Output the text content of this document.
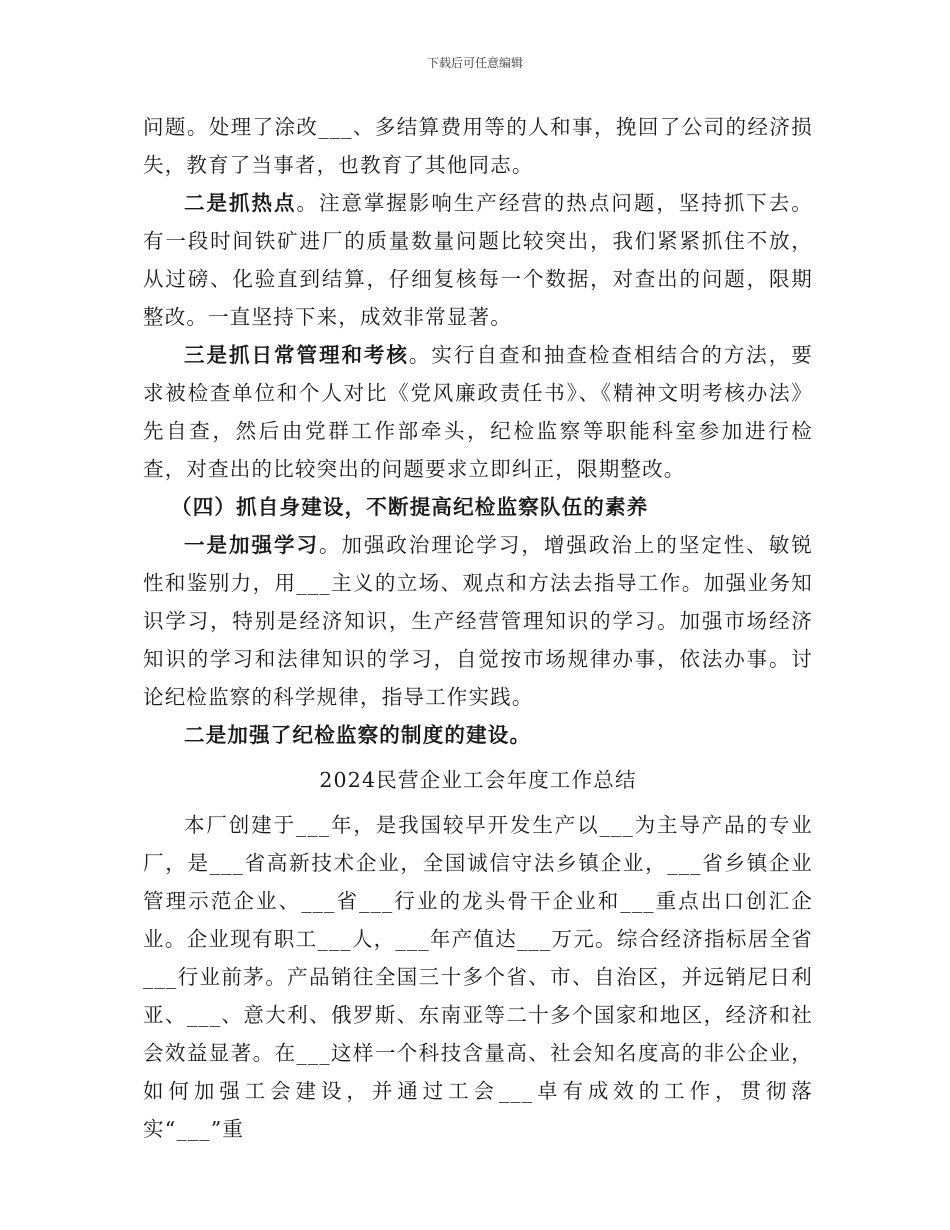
下载后可任意编辑

问题。处理了涂改___、多结算费用等的人和事，挽回了公司的经济损失，教育了当事者，也教育了其他同志。

二是抓热点。注意掌握影响生产经营的热点问题，坚持抓下去。有一段时间铁矿进厂的质量数量问题比较突出，我们紧紧抓住不放，从过磅、化验直到结算，仔细复核每一个数据，对查出的问题，限期整改。一直坚持下来，成效非常显著。

三是抓日常管理和考核。实行自查和抽查检查相结合的方法，要求被检查单位和个人对比《党风廉政责任书》、《精神文明考核办法》先自查，然后由党群工作部牵头，纪检监察等职能科室参加进行检查，对查出的比较突出的问题要求立即纠正，限期整改。

（四）抓自身建设，不断提高纪检监察队伍的素养

一是加强学习。加强政治理论学习，增强政治上的坚定性、敏锐性和鉴别力，用___主义的立场、观点和方法去指导工作。加强业务知识学习，特别是经济知识，生产经营管理知识的学习。加强市场经济知识的学习和法律知识的学习，自觉按市场规律办事，依法办事。讨论纪检监察的科学规律，指导工作实践。

二是加强了纪检监察的制度的建设。

2024民营企业工会年度工作总结

本厂创建于___年，是我国较早开发生产以___为主导产品的专业厂，是___省高新技术企业，全国诚信守法乡镇企业，___省乡镇企业管理示范企业、___省___行业的龙头骨干企业和___重点出口创汇企业。企业现有职工___人，___年产值达___万元。综合经济指标居全省___行业前茅。产品销往全国三十多个省、市、自治区，并远销尼日利亚、___、意大利、俄罗斯、东南亚等二十多个国家和地区，经济和社会效益显著。在___这样一个科技含量高、社会知名度高的非公企业，如何加强工会建设，并通过工会___卓有成效的工作，贯彻落实“___”重
